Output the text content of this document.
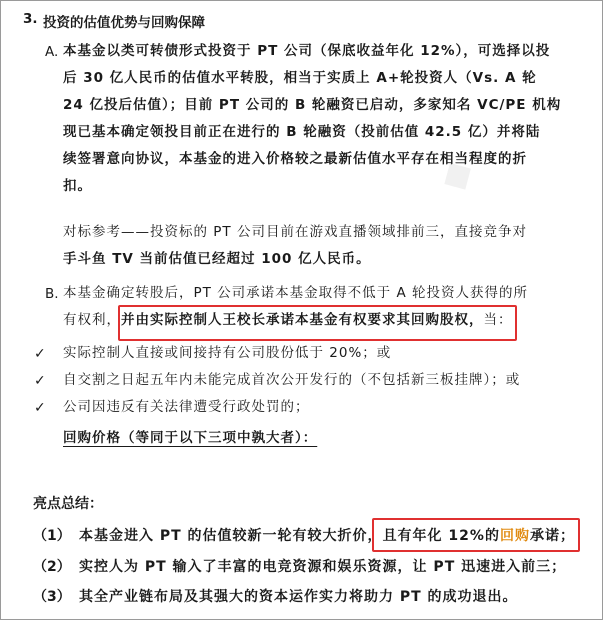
◆
3. 投资的估值优势与回购保障
A. 本基金以类可转债形式投资于 PT 公司（保底收益年化 12%），可选择以投

后 30 亿人民币的估值水平转股，相当于实质上 A+轮投资人（Vs. A 轮

24 亿投后估值）；目前 PT 公司的 B 轮融资已启动，多家知名 VC/PE 机构

现已基本确定领投目前正在进行的 B 轮融资（投前估值 42.5 亿）并将陆

续签署意向协议，本基金的进入价格较之最新估值水平存在相当程度的折

扣。

对标参考——投资标的 PT 公司目前在游戏直播领域排前三，直接竞争对

手斗鱼 TV 当前估值已经超过 100 亿人民币。

B. 本基金确定转股后，PT 公司承诺本基金取得不低于 A 轮投资人获得的所

有权利，并由实际控制人王校长承诺本基金有权要求其回购股权，当：

✓ 实际控制人直接或间接持有公司股份低于 20%；或

✓ 自交割之日起五年内未能完成首次公开发行的（不包括新三板挂牌）；或

✓ 公司因违反有关法律遭受行政处罚的；

回购价格（等同于以下三项中孰大者）：

亮点总结：
（1） 本基金进入 PT 的估值较新一轮有较大折价，且有年化 12%的回购承诺；
（2） 实控人为 PT 输入了丰富的电竞资源和娱乐资源，让 PT 迅速进入前三；
（3） 其全产业链布局及其强大的资本运作实力将助力 PT 的成功退出。
